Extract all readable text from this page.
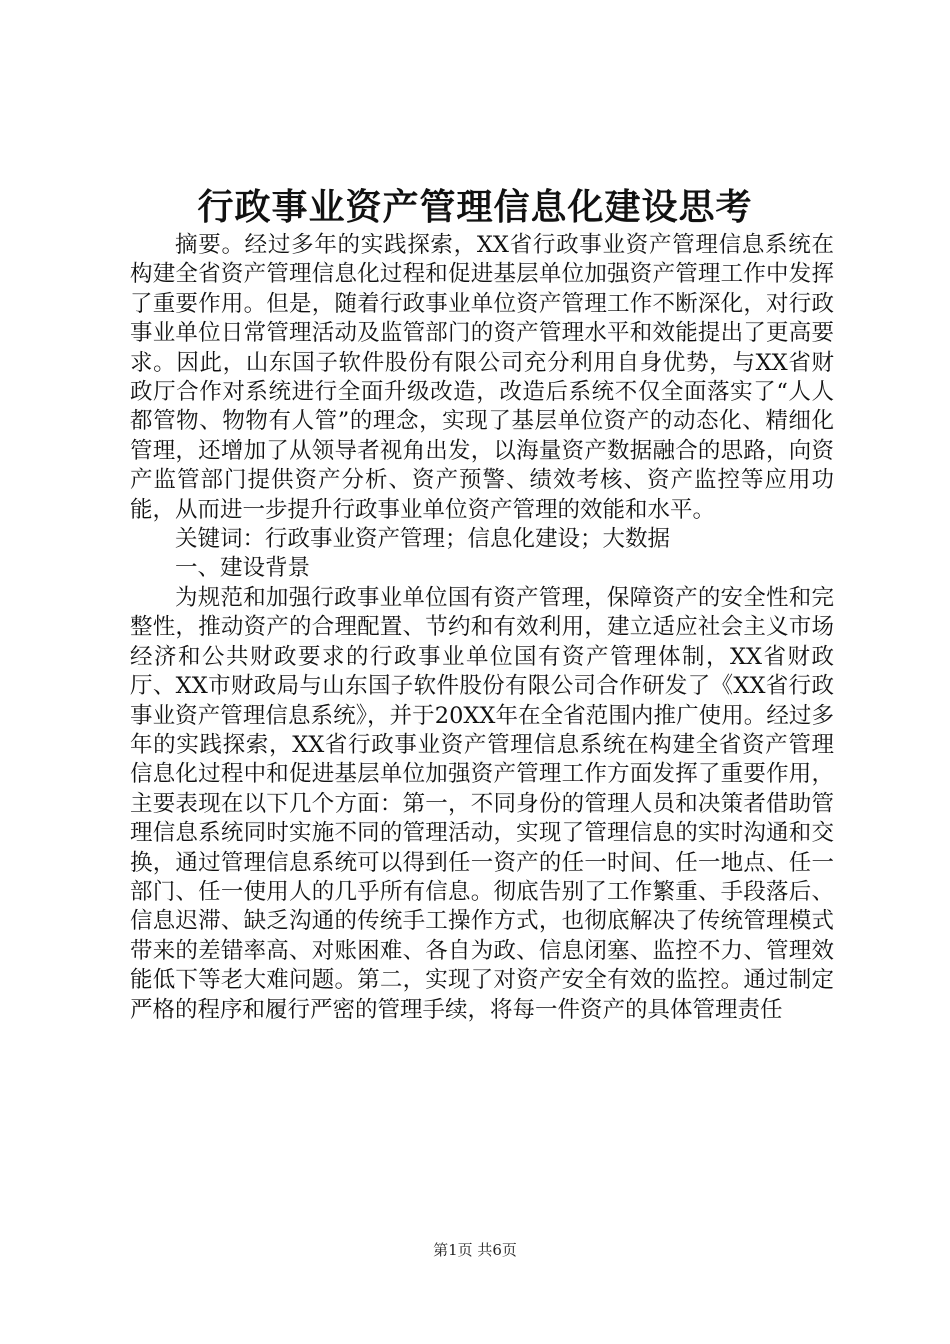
行政事业资产管理信息化建设思考

摘要。经过多年的实践探索，XX省行政事业资产管理信息系统在构建全省资产管理信息化过程和促进基层单位加强资产管理工作中发挥了重要作用。但是，随着行政事业单位资产管理工作不断深化，对行政事业单位日常管理活动及监管部门的资产管理水平和效能提出了更高要求。因此，山东国子软件股份有限公司充分利用自身优势，与XX省财政厅合作对系统进行全面升级改造，改造后系统不仅全面落实了“人人都管物、物物有人管”的理念，实现了基层单位资产的动态化、精细化管理，还增加了从领导者视角出发，以海量资产数据融合的思路，向资产监管部门提供资产分析、资产预警、绩效考核、资产监控等应用功能，从而进一步提升行政事业单位资产管理的效能和水平。

关键词：行政事业资产管理；信息化建设；大数据

一、建设背景

为规范和加强行政事业单位国有资产管理，保障资产的安全性和完整性，推动资产的合理配置、节约和有效利用，建立适应社会主义市场经济和公共财政要求的行政事业单位国有资产管理体制，XX省财政厅、XX市财政局与山东国子软件股份有限公司合作研发了《XX省行政事业资产管理信息系统》，并于20XX年在全省范围内推广使用。经过多年的实践探索，XX省行政事业资产管理信息系统在构建全省资产管理信息化过程中和促进基层单位加强资产管理工作方面发挥了重要作用，主要表现在以下几个方面：第一，不同身份的管理人员和决策者借助管理信息系统同时实施不同的管理活动，实现了管理信息的实时沟通和交换，通过管理信息系统可以得到任一资产的任一时间、任一地点、任一部门、任一使用人的几乎所有信息。彻底告别了工作繁重、手段落后、信息迟滞、缺乏沟通的传统手工操作方式，也彻底解决了传统管理模式带来的差错率高、对账困难、各自为政、信息闭塞、监控不力、管理效能低下等老大难问题。第二，实现了对资产安全有效的监控。通过制定严格的程序和履行严密的管理手续，将每一件资产的具体管理责任

第1页 共6页
